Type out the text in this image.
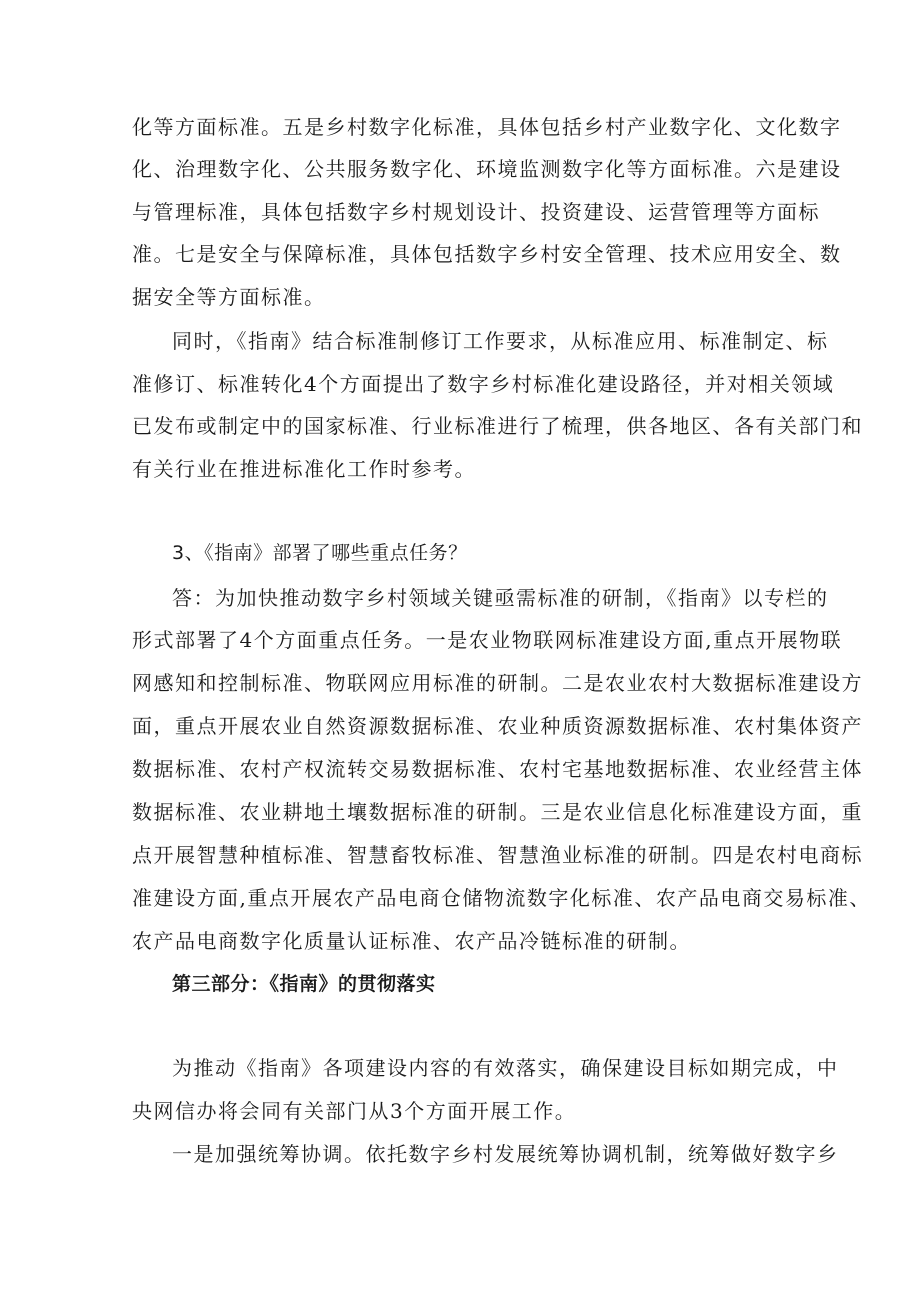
化等方面标准。五是乡村数字化标准，具体包括乡村产业数字化、文化数字
化、治理数字化、公共服务数字化、环境监测数字化等方面标准。六是建设
与管理标准，具体包括数字乡村规划设计、投资建设、运营管理等方面标
准。七是安全与保障标准，具体包括数字乡村安全管理、技术应用安全、数
据安全等方面标准。
同时，《指南》结合标准制修订工作要求，从标准应用、标准制定、标
准修订、标准转化4个方面提出了数字乡村标准化建设路径，并对相关领域
已发布或制定中的国家标准、行业标准进行了梳理，供各地区、各有关部门和
有关行业在推进标准化工作时参考。
3、《指南》部署了哪些重点任务？
答：为加快推动数字乡村领域关键亟需标准的研制，《指南》以专栏的
形式部署了4个方面重点任务。一是农业物联网标准建设方面,重点开展物联
网感知和控制标准、物联网应用标准的研制。二是农业农村大数据标准建设方
面，重点开展农业自然资源数据标准、农业种质资源数据标准、农村集体资产
数据标准、农村产权流转交易数据标准、农村宅基地数据标准、农业经营主体
数据标准、农业耕地土壤数据标准的研制。三是农业信息化标准建设方面，重
点开展智慧种植标准、智慧畜牧标准、智慧渔业标准的研制。四是农村电商标
准建设方面,重点开展农产品电商仓储物流数字化标准、农产品电商交易标准、
农产品电商数字化质量认证标准、农产品冷链标准的研制。
第三部分：《指南》的贯彻落实
为推动《指南》各项建设内容的有效落实，确保建设目标如期完成，中
央网信办将会同有关部门从3个方面开展工作。
一是加强统筹协调。依托数字乡村发展统筹协调机制，统筹做好数字乡
